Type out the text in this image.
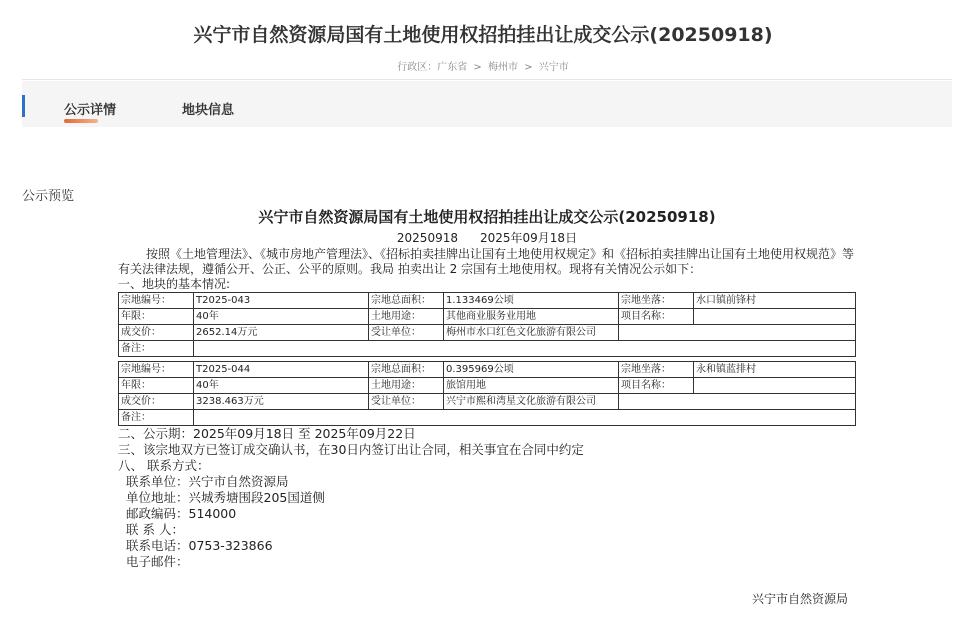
兴宁市自然资源局国有土地使用权招拍挂出让成交公示(20250918)
行政区：广东省 > 梅州市 > 兴宁市
公示详情	地块信息
公示预览
兴宁市自然资源局国有土地使用权招拍挂出让成交公示(20250918)
20250918 2025年09月18日
按照《土地管理法》、《城市房地产管理法》、《招标拍卖挂牌出让国有土地使用权规定》和《招标拍卖挂牌出让国有土地使用权规范》等有关法律法规，遵循公开、公正、公平的原则。我局 拍卖出让 2 宗国有土地使用权。现将有关情况公示如下：
一、地块的基本情况:
宗地编号：	T2025-043	宗地总面积：	1.133469公顷	宗地坐落：	水口镇前锋村
年限：	40年	土地用途：	其他商业服务业用地	项目名称：	
成交价：	2652.14万元	受让单位：	梅州市水口红色文化旅游有限公司		
备注：					
宗地编号：	T2025-044	宗地总面积：	0.395969公顷	宗地坐落：	永和镇蓝排村
年限：	40年	土地用途：	旅馆用地	项目名称：	
成交价：	3238.463万元	受让单位：	兴宁市熙和湾星文化旅游有限公司		
备注：					
二、公示期：2025年09月18日 至 2025年09月22日
三、该宗地双方已签订成交确认书，在30日内签订出让合同，相关事宜在合同中约定
八、 联系方式：
联系单位：兴宁市自然资源局
单位地址：兴城秀塘围段205国道侧
邮政编码：514000
联 系 人：
联系电话：0753-323866
电子邮件：
兴宁市自然资源局
